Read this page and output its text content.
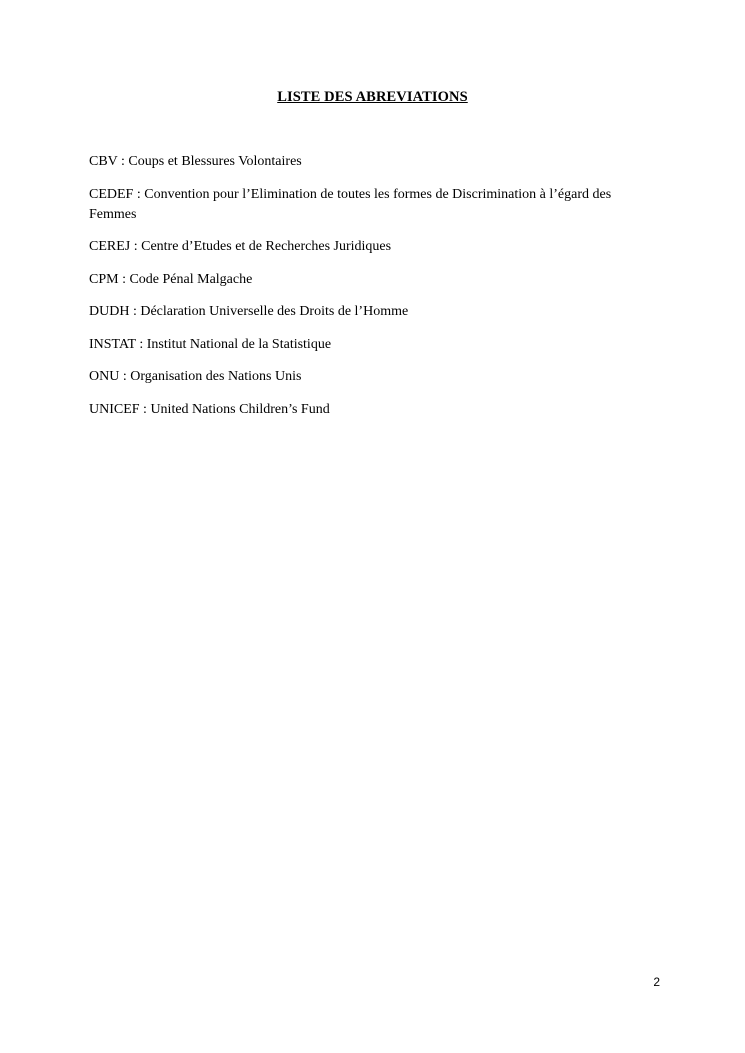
LISTE DES ABREVIATIONS
CBV : Coups et Blessures Volontaires
CEDEF : Convention pour l’Elimination de toutes les formes de Discrimination à l’égard des Femmes
CEREJ : Centre d’Etudes et de Recherches Juridiques
CPM : Code Pénal Malgache
DUDH : Déclaration Universelle des Droits de l’Homme
INSTAT : Institut National de la Statistique
ONU : Organisation des Nations Unis
UNICEF : United Nations Children’s Fund
2
